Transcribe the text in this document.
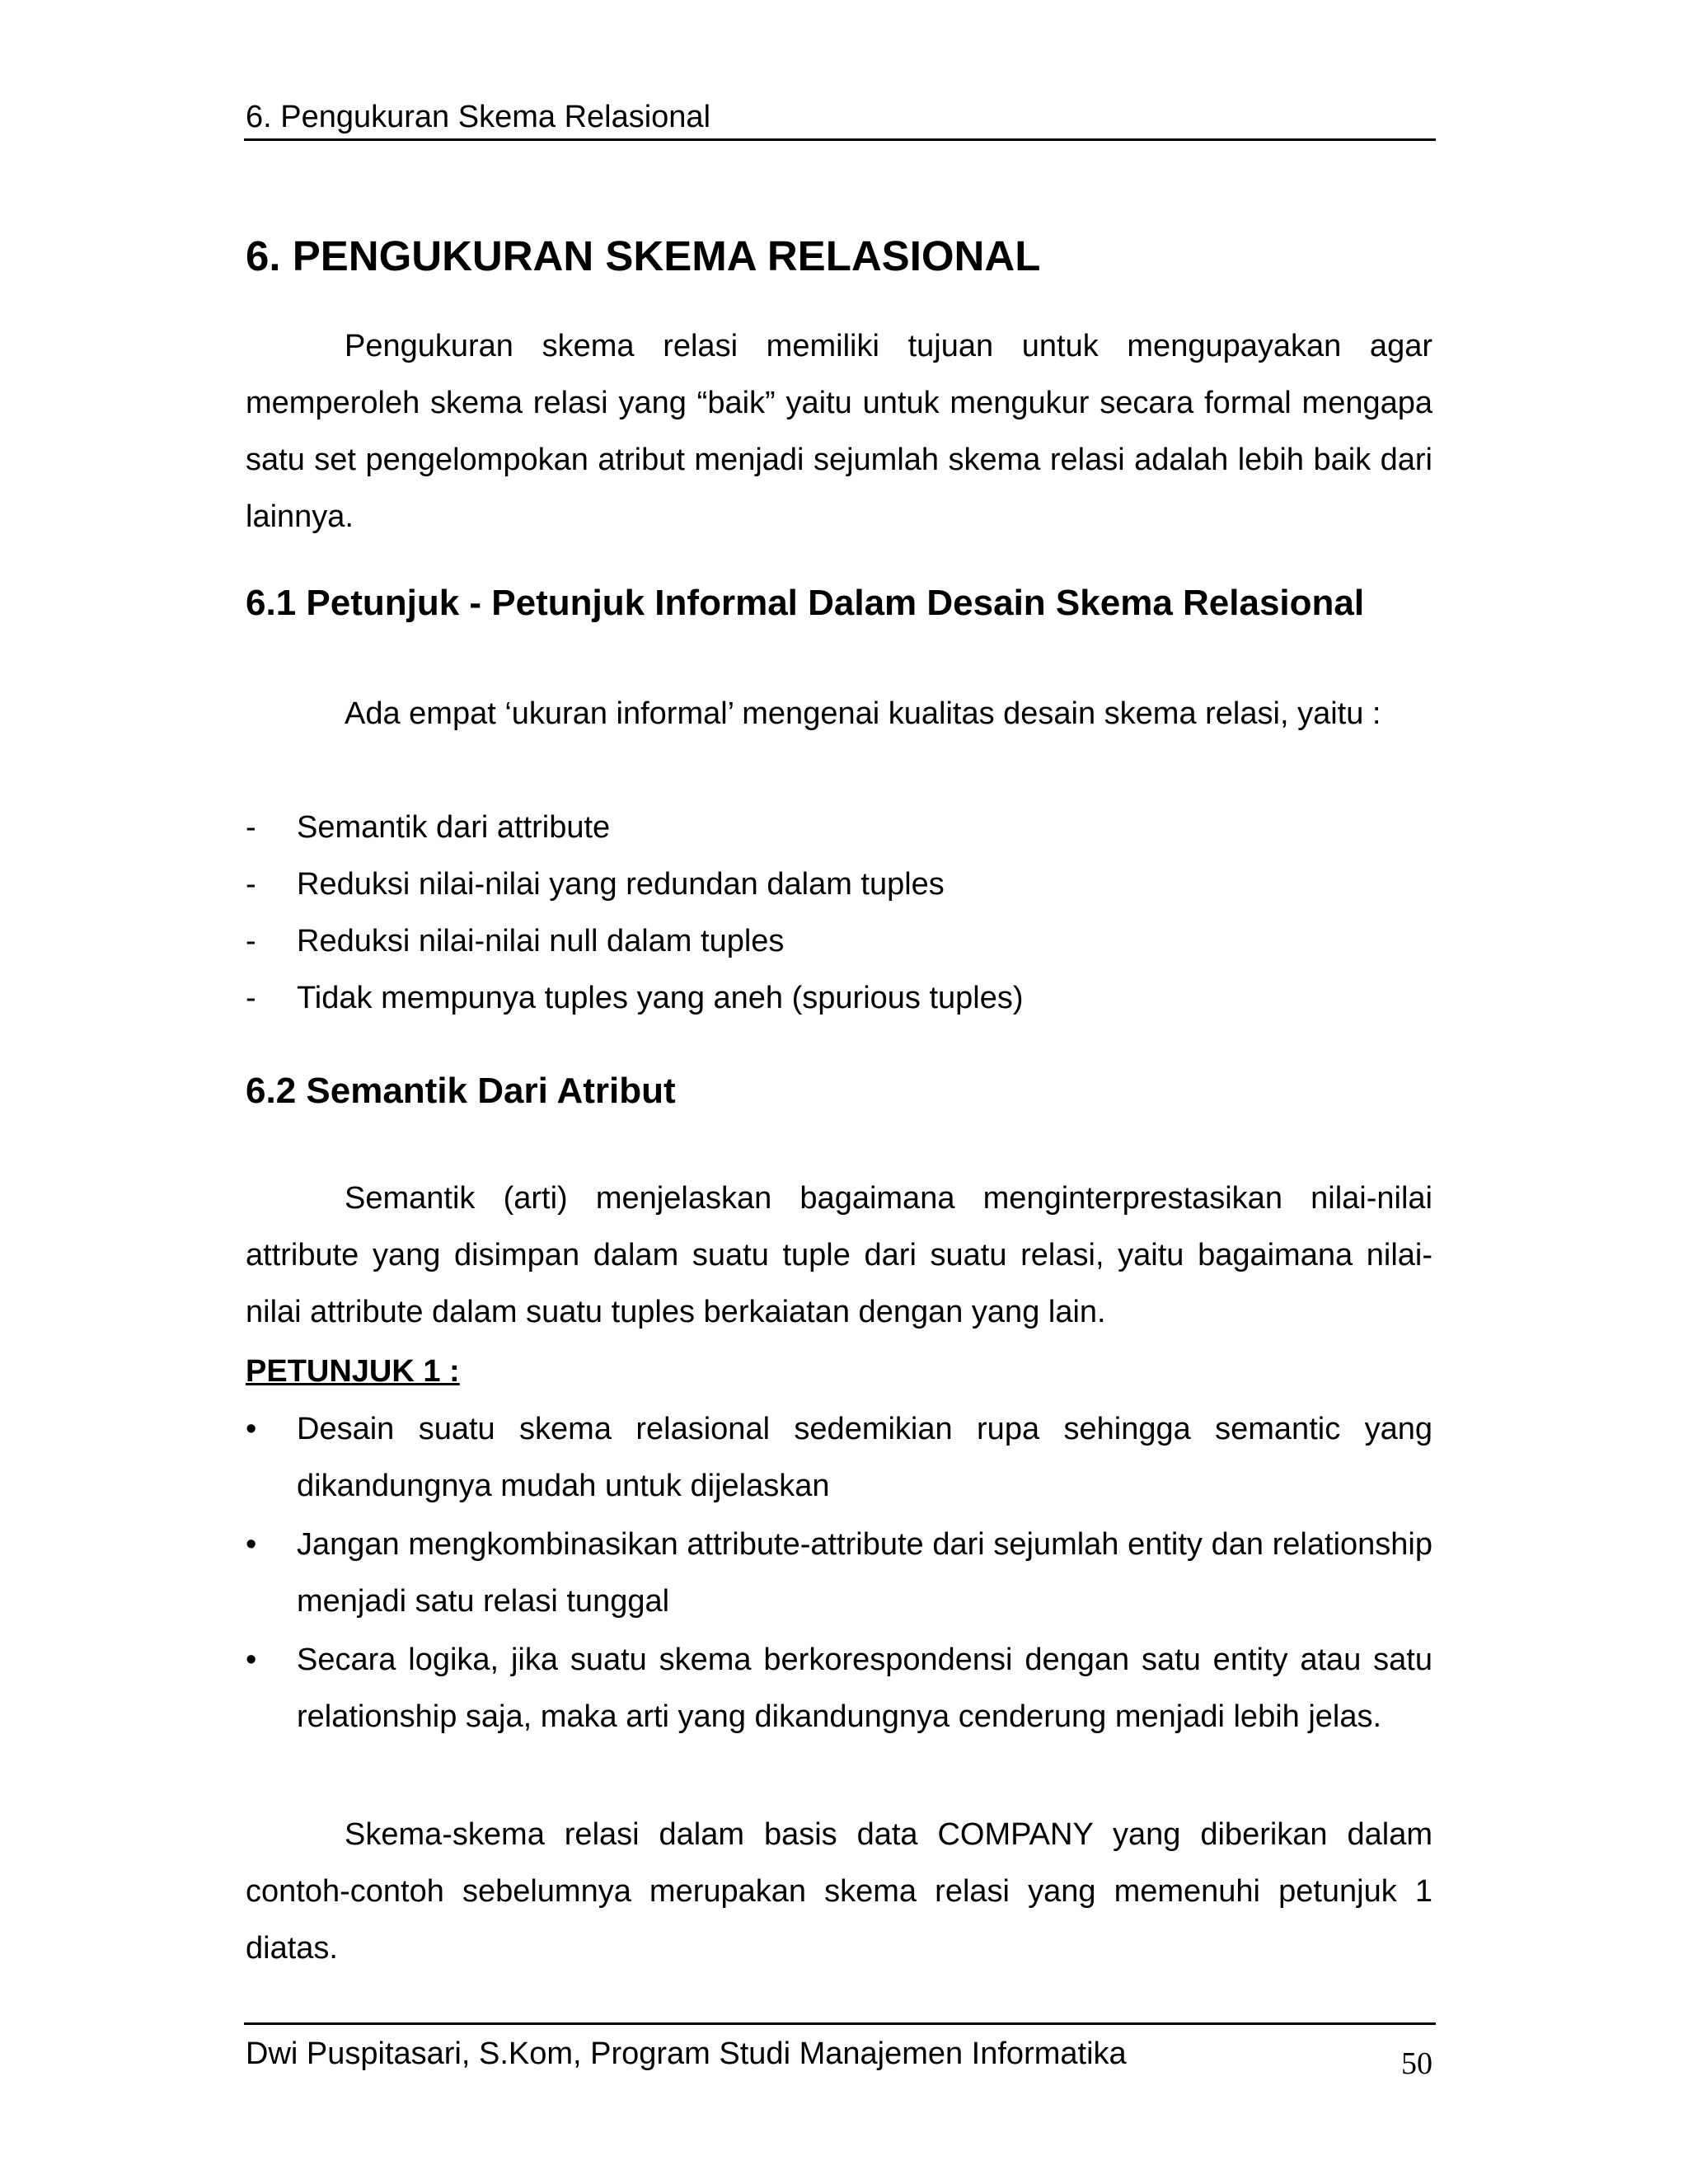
6. Pengukuran Skema Relasional
6. PENGUKURAN SKEMA RELASIONAL

Pengukuran skema relasi memiliki tujuan untuk mengupayakan agar memperoleh skema relasi yang “baik” yaitu untuk mengukur secara formal mengapa satu set pengelompokan atribut menjadi sejumlah skema relasi adalah lebih baik dari lainnya.

6.1 Petunjuk - Petunjuk Informal Dalam Desain Skema Relasional

Ada empat ‘ukuran informal’ mengenai kualitas desain skema relasi, yaitu :

-	Semantik dari attribute
-	Reduksi nilai-nilai yang redundan dalam tuples
-	Reduksi nilai-nilai null dalam tuples
-	Tidak mempunya tuples yang aneh (spurious tuples)
6.2 Semantik Dari Atribut

Semantik (arti) menjelaskan bagaimana menginterprestasikan nilai-nilai attribute yang disimpan dalam suatu tuple dari suatu relasi, yaitu bagaimana nilai-nilai attribute dalam suatu tuples berkaiatan dengan yang lain.

PETUNJUK 1 :

•	Desain suatu skema relasional sedemikian rupa sehingga semantic yang dikandungnya mudah untuk dijelaskan
•	Jangan mengkombinasikan attribute-attribute dari sejumlah entity dan relationship menjadi satu relasi tunggal
•	Secara logika, jika suatu skema berkorespondensi dengan satu entity atau satu relationship saja, maka arti yang dikandungnya cenderung menjadi lebih jelas.

Skema-skema relasi dalam basis data COMPANY yang diberikan dalam contoh-contoh sebelumnya merupakan skema relasi yang memenuhi petunjuk 1 diatas.

Dwi Puspitasari, S.Kom, Program Studi Manajemen Informatika	50
